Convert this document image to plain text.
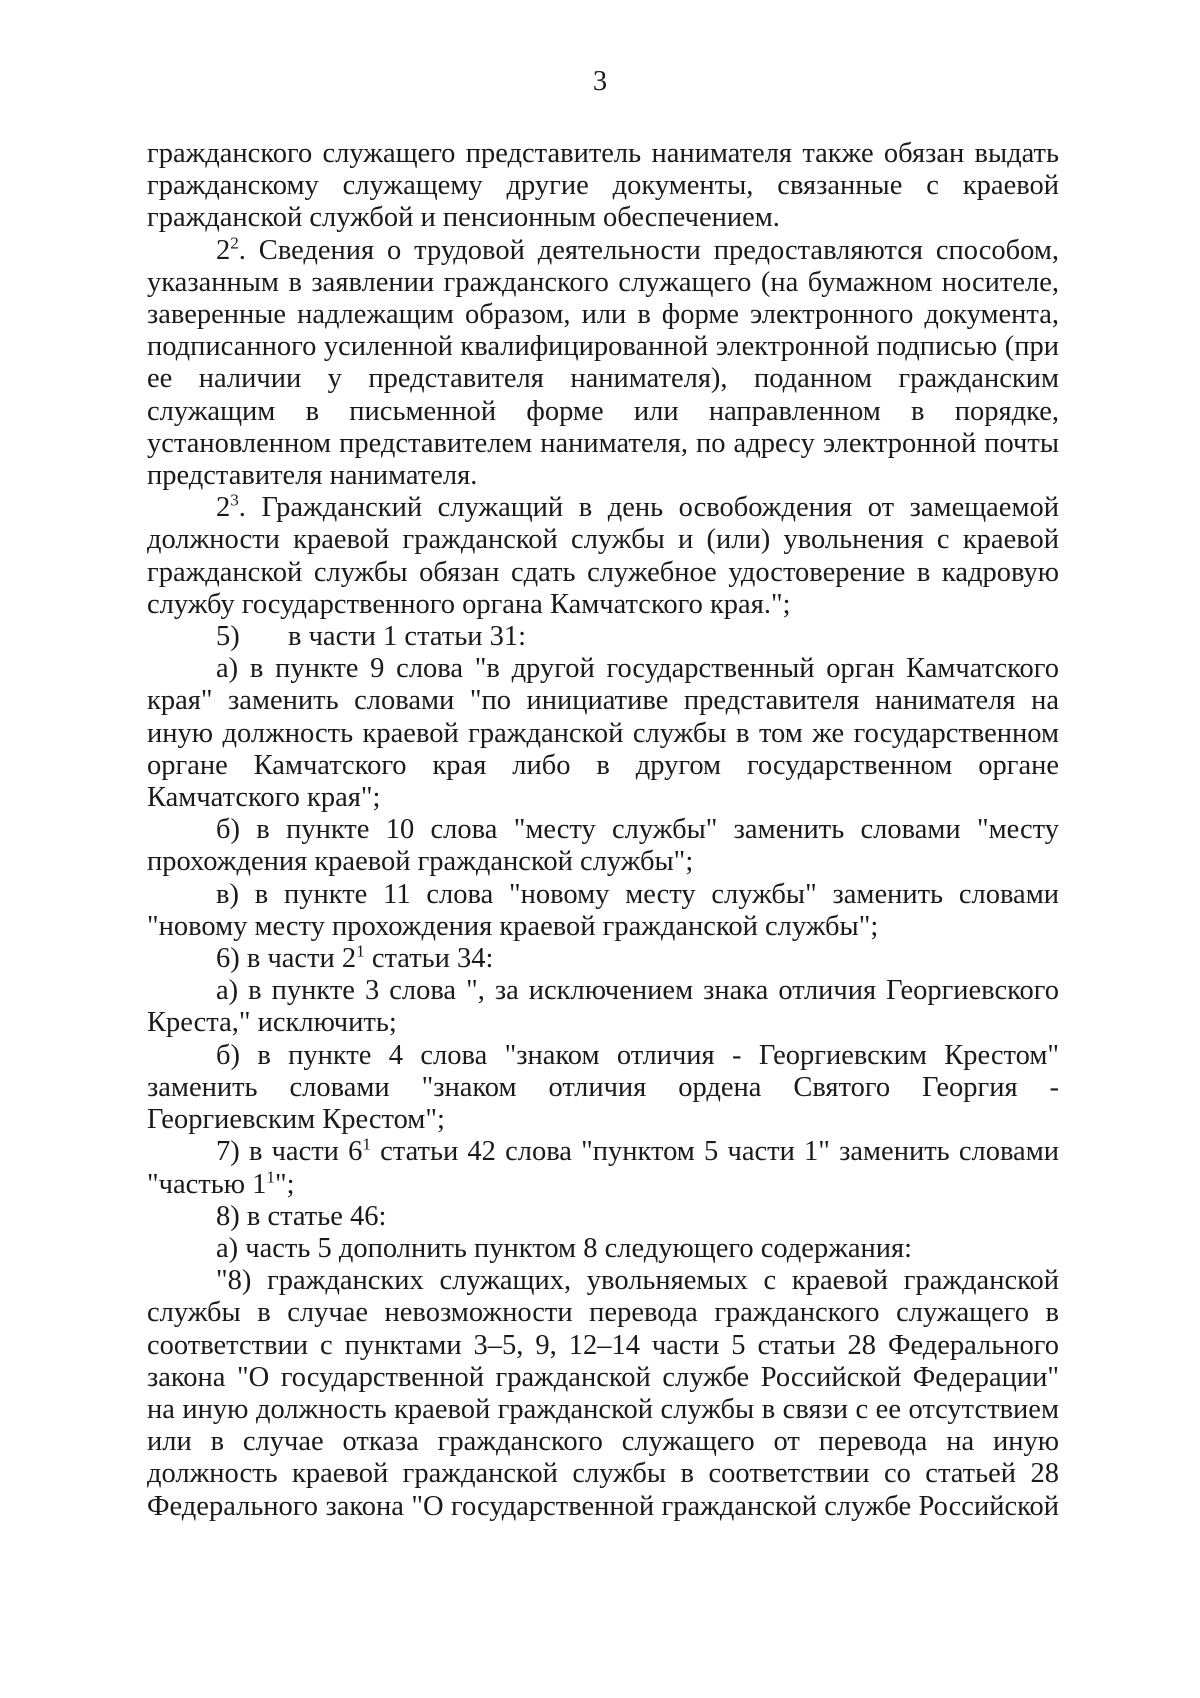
3

гражданского служащего представитель нанимателя также обязан выдать
гражданскому служащему другие документы, связанные с краевой
гражданской службой и пенсионным обеспечением.

$2^2$. Сведения о трудовой деятельности предоставляются способом,
указанным в заявлении гражданского служащего (на бумажном носителе,
заверенные надлежащим образом, или в форме электронного документа,
подписанного усиленной квалифицированной электронной подписью (при
ее наличии у представителя нанимателя), поданном гражданским
служащим в письменной форме или направленном в порядке,
установленном представителем нанимателя, по адресу электронной почты
представителя нанимателя.

$2^3$. Гражданский служащий в день освобождения от замещаемой
должности краевой гражданской службы и (или) увольнения с краевой
гражданской службы обязан сдать служебное удостоверение в кадровую
службу государственного органа Камчатского края.";

5) в части 1 статьи 31:

а) в пункте 9 слова "в другой государственный орган Камчатского
края" заменить словами "по инициативе представителя нанимателя на
иную должность краевой гражданской службы в том же государственном
органе Камчатского края либо в другом государственном органе
Камчатского края";

б) в пункте 10 слова "месту службы" заменить словами "месту
прохождения краевой гражданской службы";

в) в пункте 11 слова "новому месту службы" заменить словами
"новому месту прохождения краевой гражданской службы";

6) в части $2^1$ статьи 34:

а) в пункте 3 слова ", за исключением знака отличия Георгиевского
Креста," исключить;

б) в пункте 4 слова "знаком отличия - Георгиевским Крестом"
заменить словами "знаком отличия ордена Святого Георгия -
Георгиевским Крестом";

7) в части $6^1$ статьи 42 слова "пунктом 5 части 1" заменить словами
"частью $1^1$";

8) в статье 46:

а) часть 5 дополнить пунктом 8 следующего содержания:

"8) гражданских служащих, увольняемых с краевой гражданской
службы в случае невозможности перевода гражданского служащего в
соответствии с пунктами 3–5, 9, 12–14 части 5 статьи 28 Федерального
закона "О государственной гражданской службе Российской Федерации"
на иную должность краевой гражданской службы в связи с ее отсутствием
или в случае отказа гражданского служащего от перевода на иную
должность краевой гражданской службы в соответствии со статьей 28
Федерального закона "О государственной гражданской службе Российской
